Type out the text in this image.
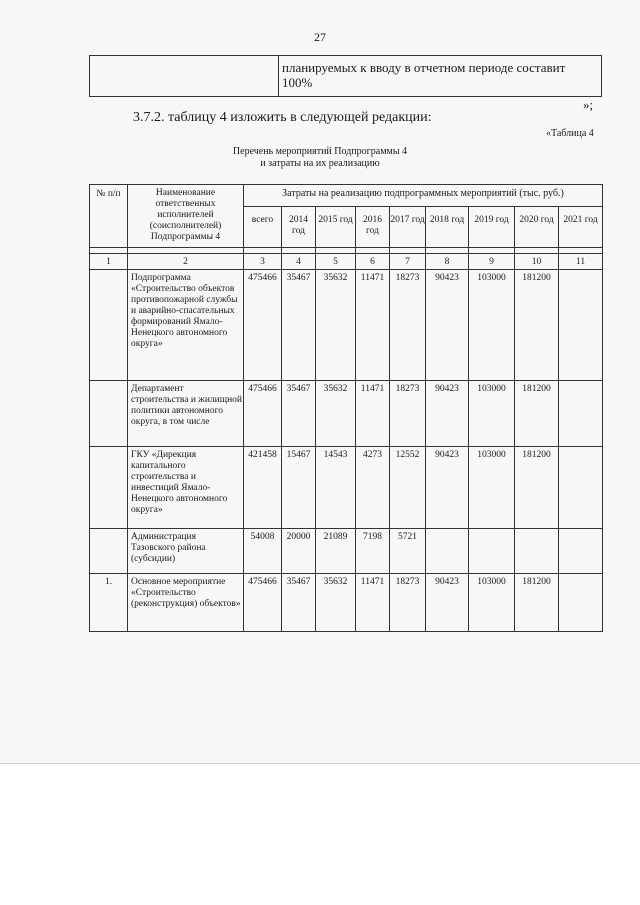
27
	планируемых к вводу в отчетном периоде составит 100%
»;
3.7.2. таблицу 4 изложить в следующей редакции:
«Таблица 4
Перечень мероприятий Подпрограммы 4
и затраты на их реализацию
№ п/п	Наименование ответственных исполнителей (соисполнителей) Подпрограммы 4	Затраты на реализацию подпрограммных мероприятий (тыс. руб.)								
		всего	2014 год	2015 год	2016 год	2017 год	2018 год	2019 год	2020 год	2021 год

1	2	3	4	5	6	7	8	9	10	11
	Подпрограмма «Строительство объектов противопожарной службы и аварийно-спасательных формирований Ямало-Ненецкого автономного округа»	475466	35467	35632	11471	18273	90423	103000	181200	
	Департамент строительства и жилищной политики автономного округа, в том числе	475466	35467	35632	11471	18273	90423	103000	181200	
	ГКУ «Дирекция капитального строительства и инвестиций Ямало-Ненецкого автономного округа»	421458	15467	14543	4273	12552	90423	103000	181200	
	Администрация Тазовского района (субсидии)	54008	20000	21089	7198	5721				
1.	Основное мероприятие «Строительство (реконструкция) объектов»	475466	35467	35632	11471	18273	90423	103000	181200	
